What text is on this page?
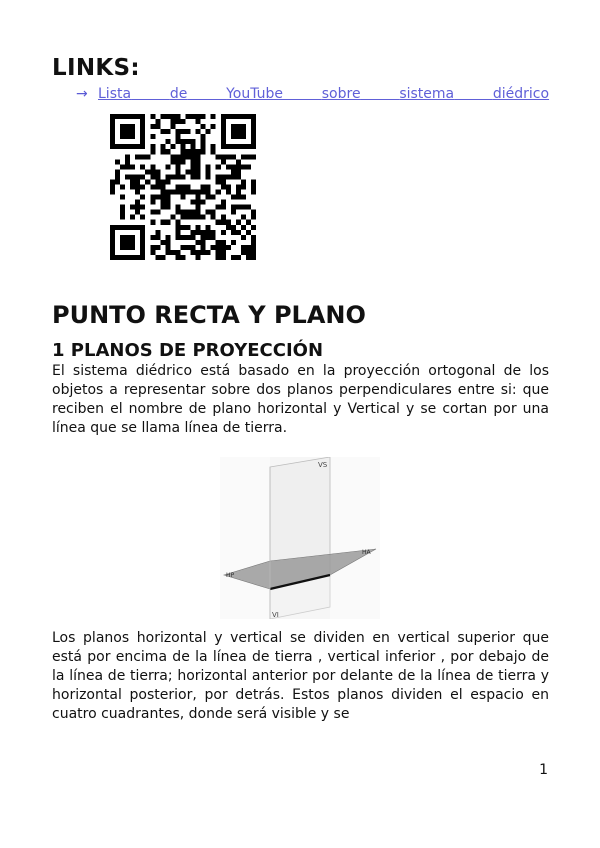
LINKS:
→ Lista	de	YouTube	sobre	sistema	diédrico
PUNTO RECTA Y PLANO
1 PLANOS DE PROYECCIÓN

El sistema diédrico está basado en la proyección ortogonal de los objetos a representar sobre dos planos perpendiculares entre si: que reciben el nombre de plano horizontal y Vertical y se cortan por una línea que se llama línea de tierra.

VS
VI
HP
HA

Los planos horizontal y vertical se dividen en vertical superior que está por encima de la línea de tierra , vertical inferior , por debajo de la línea de tierra; horizontal anterior por delante de la línea de tierra y horizontal posterior, por detrás. Estos planos dividen el espacio en cuatro cuadrantes, donde será visible y se

1
